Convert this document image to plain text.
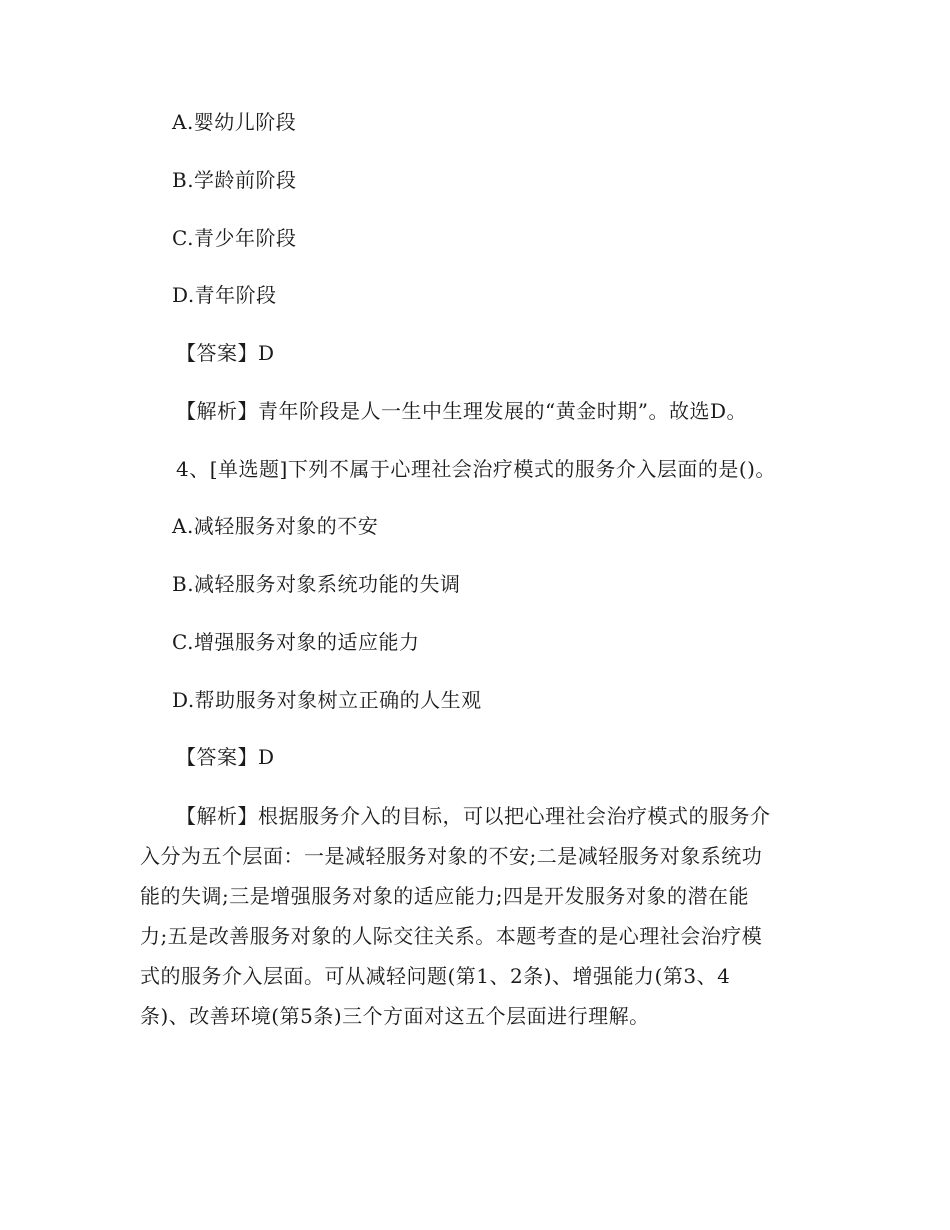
A.婴幼儿阶段
B.学龄前阶段
C.青少年阶段
D.青年阶段
【答案】D
【解析】青年阶段是人一生中生理发展的“黄金时期”。故选D。
4、[单选题]下列不属于心理社会治疗模式的服务介入层面的是()。
A.减轻服务对象的不安
B.减轻服务对象系统功能的失调
C.增强服务对象的适应能力
D.帮助服务对象树立正确的人生观
【答案】D
【解析】根据服务介入的目标，可以把心理社会治疗模式的服务介
入分为五个层面：一是减轻服务对象的不安;二是减轻服务对象系统功
能的失调;三是增强服务对象的适应能力;四是开发服务对象的潜在能
力;五是改善服务对象的人际交往关系。本题考查的是心理社会治疗模
式的服务介入层面。可从减轻问题(第1、2条)、增强能力(第3、4
条)、改善环境(第5条)三个方面对这五个层面进行理解。
